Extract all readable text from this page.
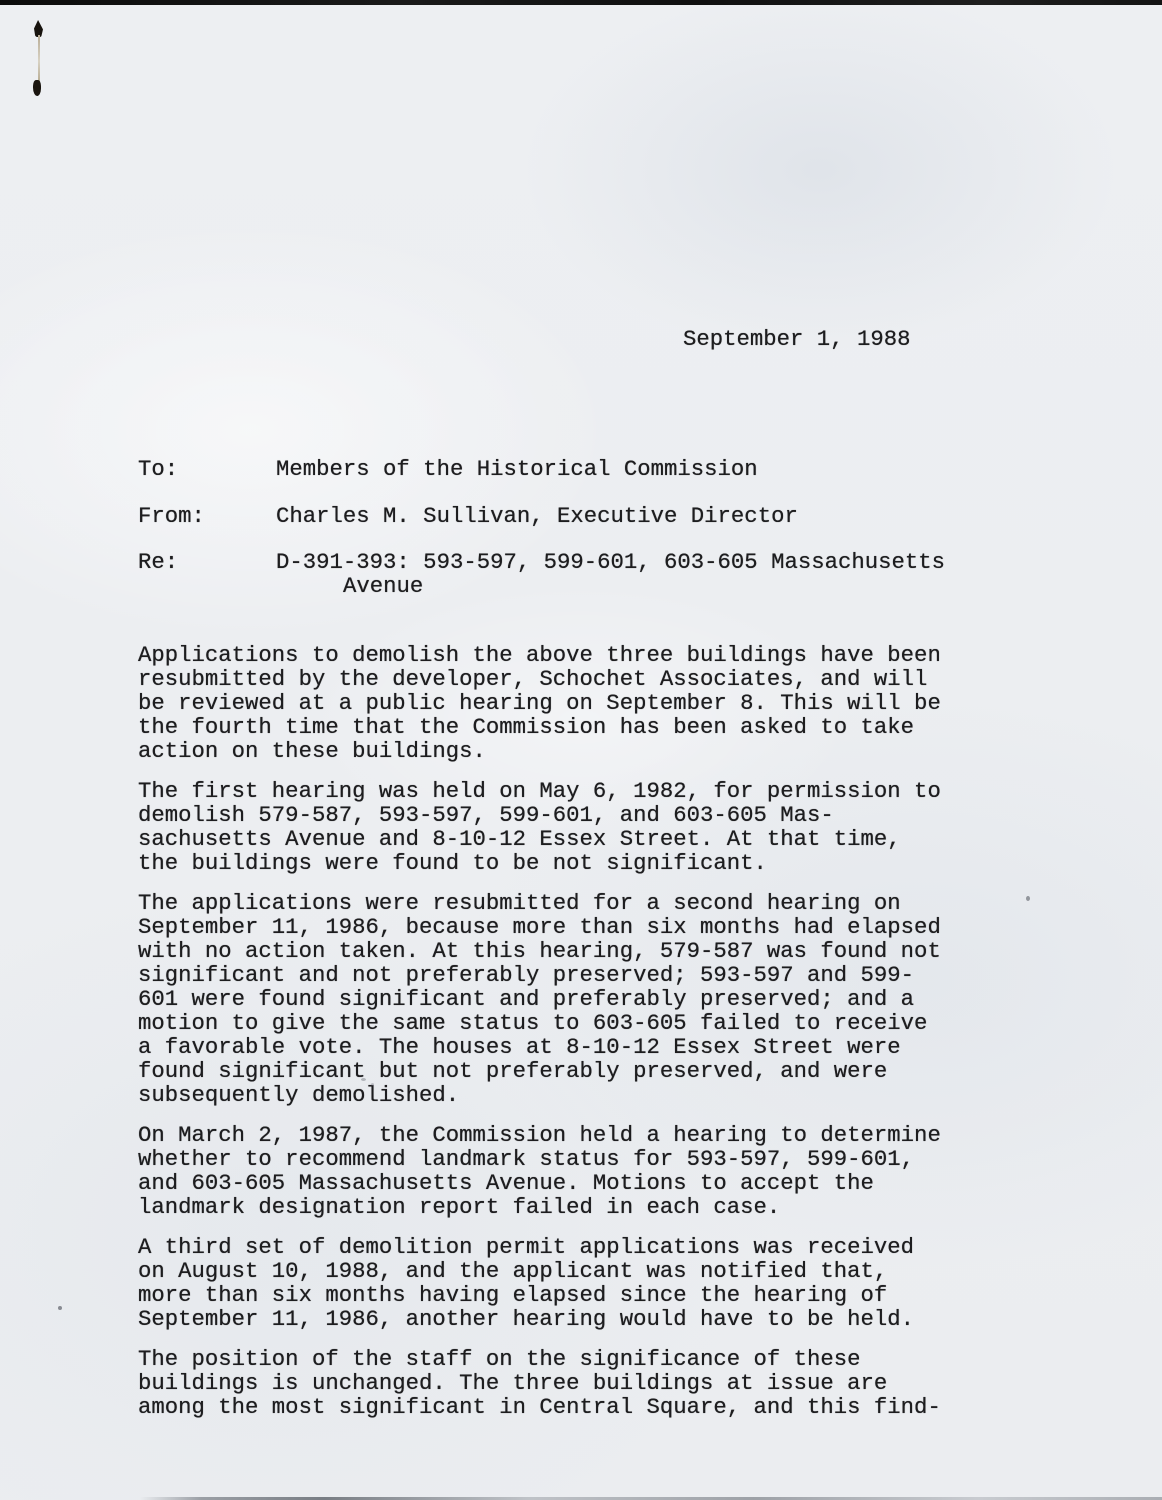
September 1, 1988
To:	Members of the Historical Commission
From:	Charles M. Sullivan, Executive Director
Re:	D-391-393: 593-597, 599-601, 603-605 Massachusetts
Avenue
Applications to demolish the above three buildings have been
resubmitted by the developer, Schochet Associates, and will
be reviewed at a public hearing on September 8. This will be
the fourth time that the Commission has been asked to take
action on these buildings.
The first hearing was held on May 6, 1982, for permission to
demolish 579-587, 593-597, 599-601, and 603-605 Mas-
sachusetts Avenue and 8-10-12 Essex Street. At that time,
the buildings were found to be not significant.
The applications were resubmitted for a second hearing on
September 11, 1986, because more than six months had elapsed
with no action taken. At this hearing, 579-587 was found not
significant and not preferably preserved; 593-597 and 599-
601 were found significant and preferably preserved; and a
motion to give the same status to 603-605 failed to receive
a favorable vote. The houses at 8-10-12 Essex Street were
found significant but not preferably preserved, and were
subsequently demolished.
On March 2, 1987, the Commission held a hearing to determine
whether to recommend landmark status for 593-597, 599-601,
and 603-605 Massachusetts Avenue. Motions to accept the
landmark designation report failed in each case.
A third set of demolition permit applications was received
on August 10, 1988, and the applicant was notified that,
more than six months having elapsed since the hearing of
September 11, 1986, another hearing would have to be held.
The position of the staff on the significance of these
buildings is unchanged. The three buildings at issue are
among the most significant in Central Square, and this find-
